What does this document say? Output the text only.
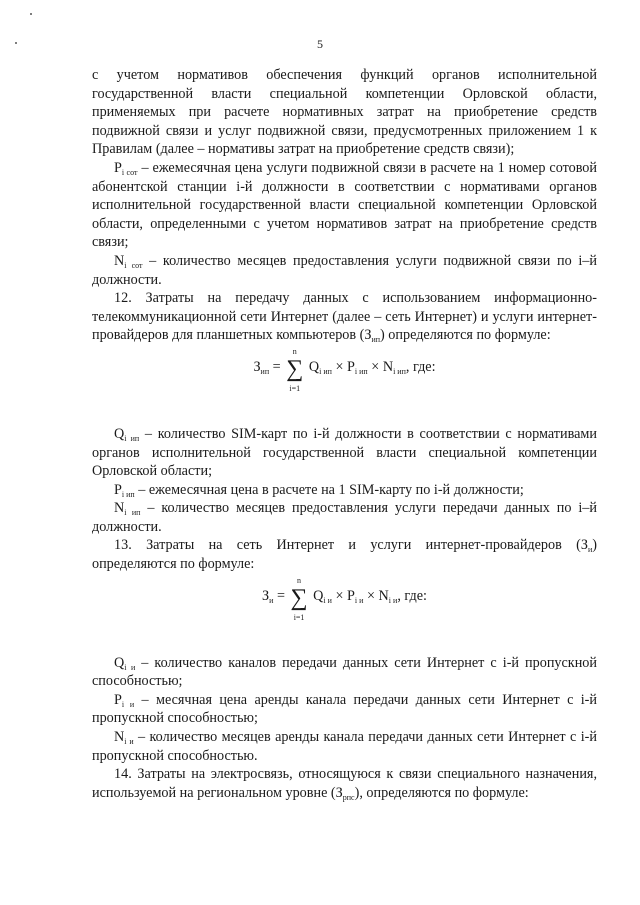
5

с учетом нормативов обеспечения функций органов исполнительной государственной власти специальной компетенции Орловской области, применяемых при расчете нормативных затрат на приобретение средств подвижной связи и услуг подвижной связи, предусмотренных приложением 1 к Правилам (далее – нормативы затрат на приобретение средств связи);

$P_{i сот}$ – ежемесячная цена услуги подвижной связи в расчете на 1 номер сотовой абонентской станции i-й должности в соответствии с нормативами органов исполнительной государственной власти специальной компетенции Орловской области, определенными с учетом нормативов затрат на приобретение средств связи;

$N_{i сот}$ – количество месяцев предоставления услуги подвижной связи по i–й должности.

12. Затраты на передачу данных с использованием информационно-телекоммуникационной сети Интернет (далее – сеть Интернет) и услуги интернет-провайдеров для планшетных компьютеров $(З_{ип})$ определяются по формуле:

$З_{ип}$ =
n
∑
i=1
$Q_{i ип} \times P_{i ип} \times N_{i ип}$, где:

$Q_{i ип}$ – количество SIM-карт по i-й должности в соответствии с нормативами органов исполнительной государственной власти специальной компетенции Орловской области;

$P_{i ип}$ – ежемесячная цена в расчете на 1 SIM-карту по i-й должности;

$N_{i ип}$ – количество месяцев предоставления услуги передачи данных по i–й должности.

13. Затраты на сеть Интернет и услуги интернет-провайдеров $(З_и)$ определяются по формуле:

$З_и$ =
n
∑
i=1
$Q_{i и} \times P_{i и} \times N_{i и}$, где:

$Q_{i и}$ – количество каналов передачи данных сети Интернет с i-й пропускной способностью;

$P_{i и}$ – месячная цена аренды канала передачи данных сети Интернет с i-й пропускной способностью;

$N_{i и}$ – количество месяцев аренды канала передачи данных сети Интернет с i-й пропускной способностью.

14. Затраты на электросвязь, относящуюся к связи специального назначения, используемой на региональном уровне $(З_{рпс})$, определяются по формуле:
